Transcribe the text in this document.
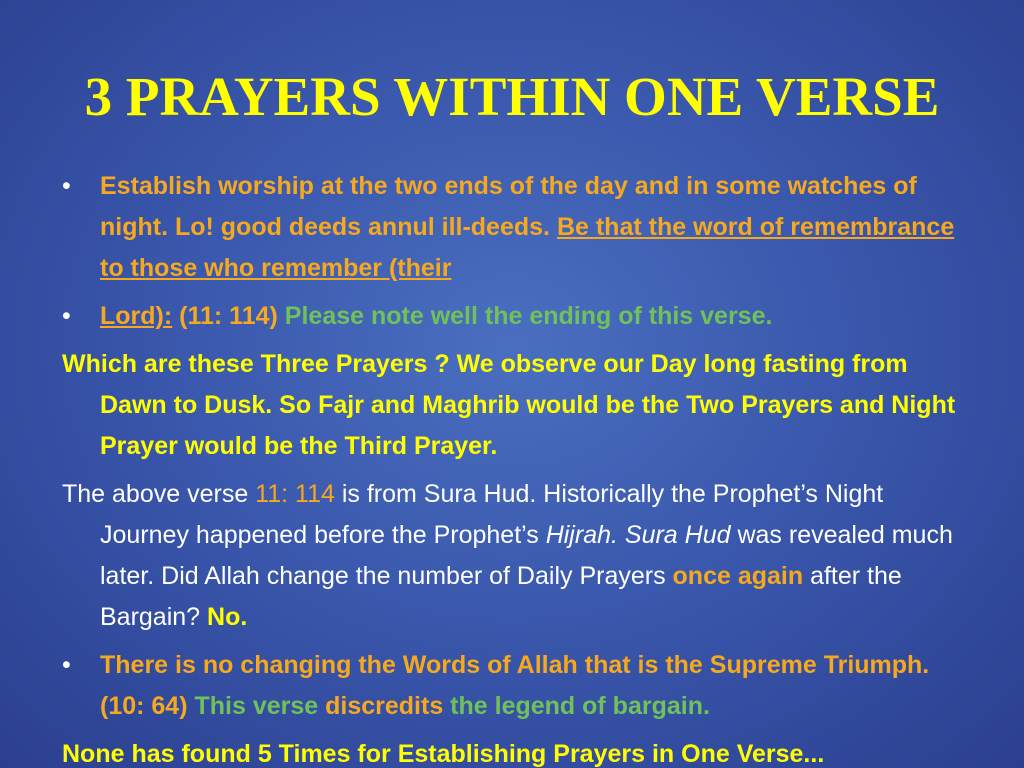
3 PRAYERS WITHIN ONE VERSE

• Establish worship at the two ends of the day and in some watches of night. Lo! good deeds annul ill-deeds. Be that the word of remembrance to those who remember (their

• Lord): (11: 114) Please note well the ending of this verse.

Which are these Three Prayers ? We observe our Day long fasting from Dawn to Dusk. So Fajr and Maghrib would be the Two Prayers and Night Prayer would be the Third Prayer.

The above verse 11: 114 is from Sura Hud. Historically the Prophet’s Night Journey happened before the Prophet’s Hijrah. Sura Hud was revealed much later. Did Allah change the number of Daily Prayers once again after the Bargain? No.

• There is no changing the Words of Allah that is the Supreme Triumph. (10: 64) This verse discredits the legend of bargain.

None has found 5 Times for Establishing Prayers in One Verse...
